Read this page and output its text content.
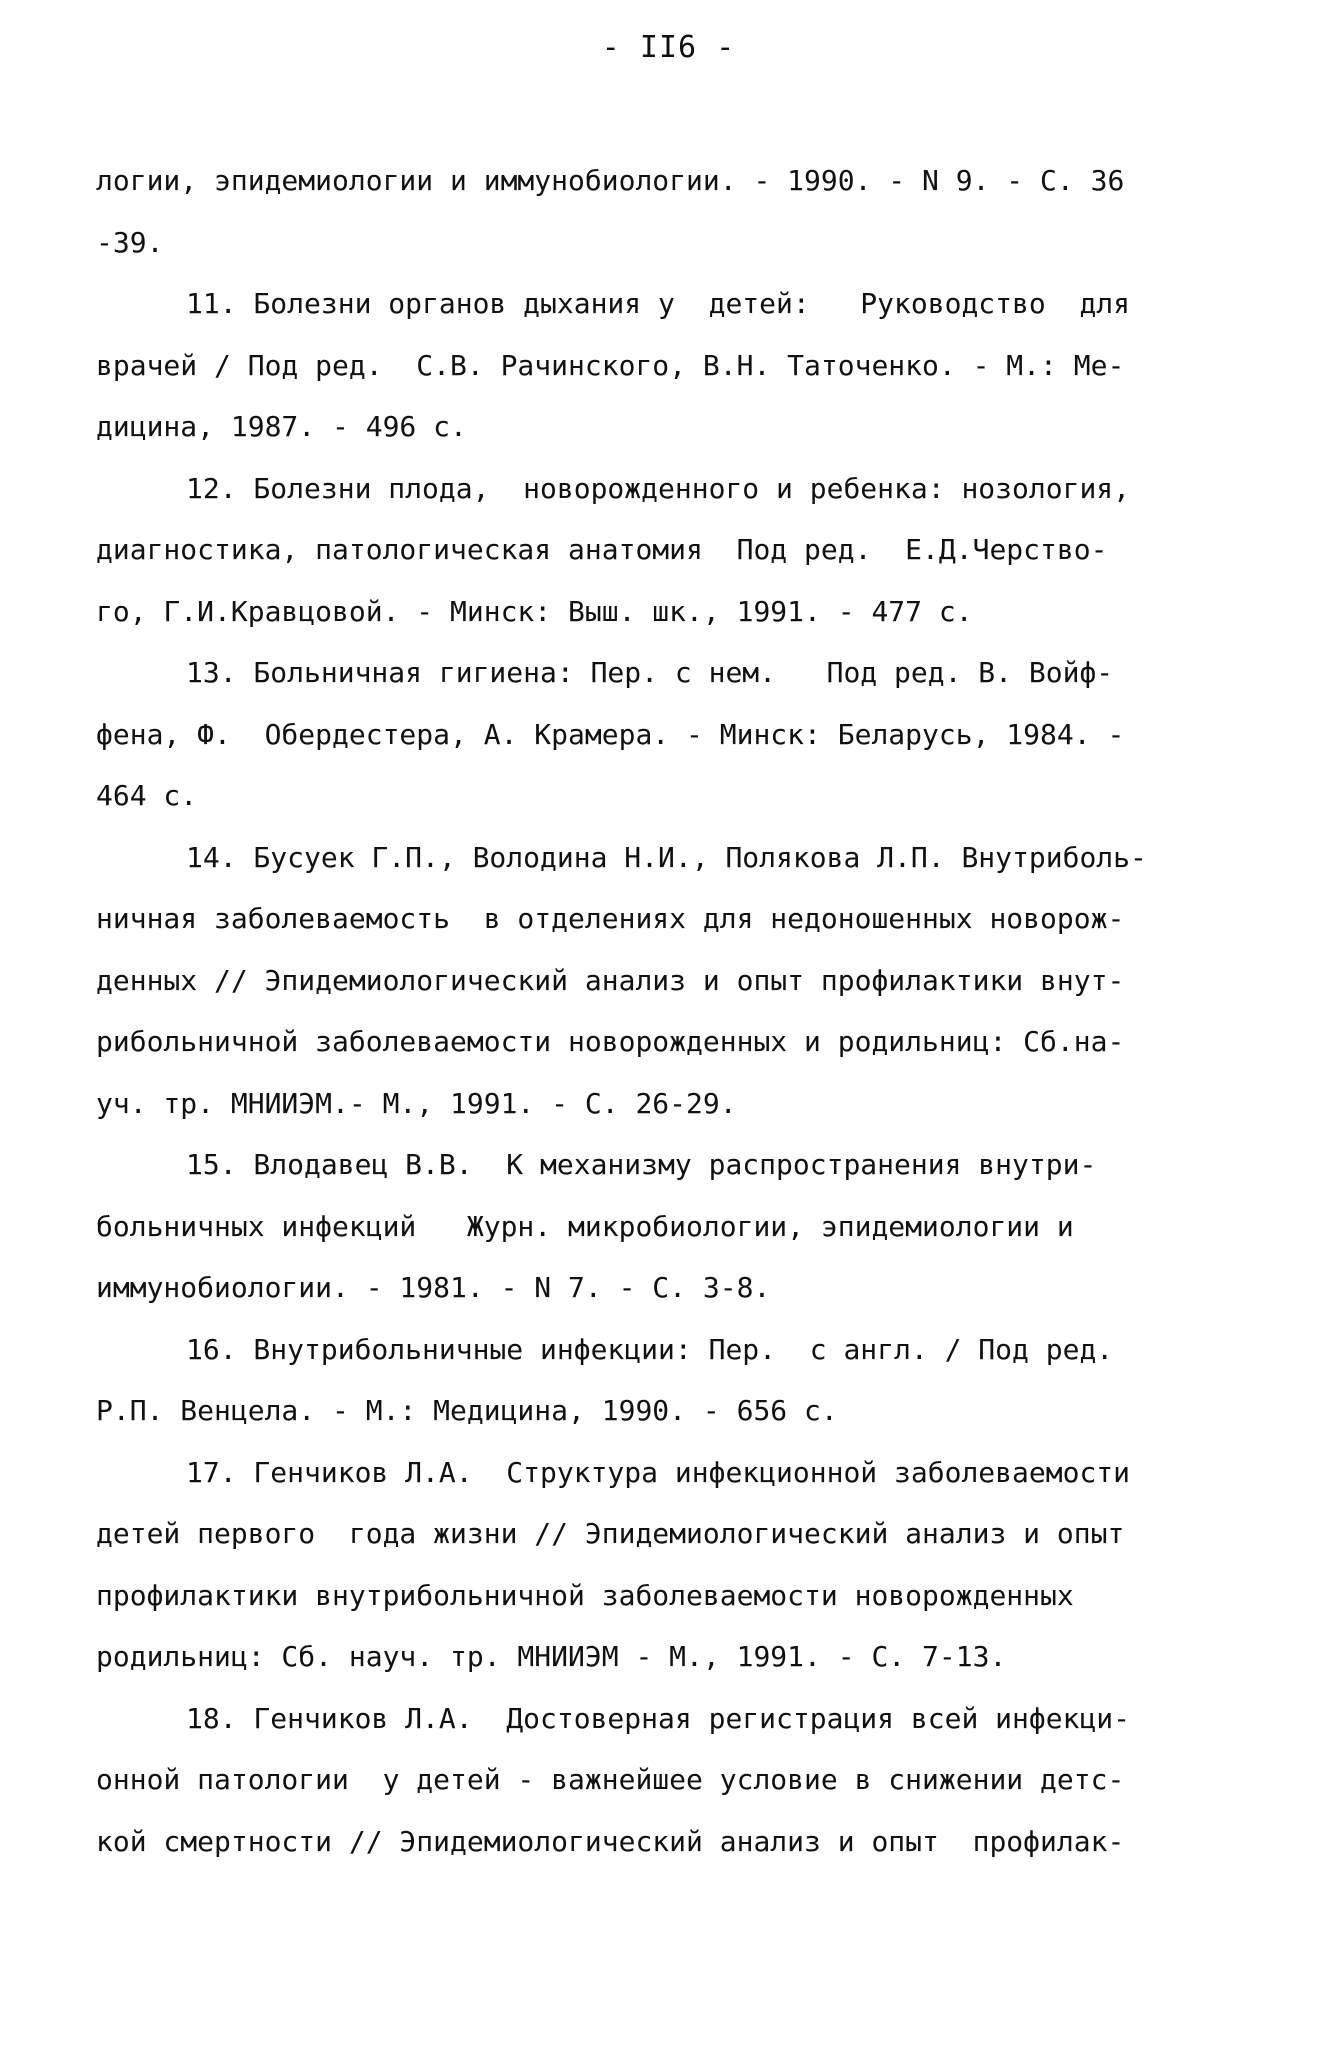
- II6 -
логии, эпидемиологии и иммунобиологии. - 1990. - N 9. - С. 36
-39.
11. Болезни органов дыхания у  детей:   Руководство  для
врачей / Под ред.  С.В. Рачинского, В.Н. Таточенко. - М.: Ме-
дицина, 1987. - 496 с.
12. Болезни плода,  новорожденного и ребенка: нозология,
диагностика, патологическая анатомия  Под ред.  Е.Д.Черство-
го, Г.И.Кравцовой. - Минск: Выш. шк., 1991. - 477 с.
13. Больничная гигиена: Пер. с нем.   Под ред. В. Войф-
фена, Ф.  Обердестера, А. Крамера. - Минск: Беларусь, 1984. -
464 с.
14. Бусуек Г.П., Володина Н.И., Полякова Л.П. Внутриболь-
ничная заболеваемость  в отделениях для недоношенных новорож-
денных // Эпидемиологический анализ и опыт профилактики внут-
рибольничной заболеваемости новорожденных и родильниц: Сб.на-
уч. тр. МНИИЭМ.- М., 1991. - С. 26-29.
15. Влодавец В.В.  К механизму распространения внутри-
больничных инфекций   Журн. микробиологии, эпидемиологии и
иммунобиологии. - 1981. - N 7. - С. 3-8.
16. Внутрибольничные инфекции: Пер.  с англ. / Под ред.
Р.П. Венцела. - М.: Медицина, 1990. - 656 с.
17. Генчиков Л.А.  Структура инфекционной заболеваемости
детей первого  года жизни // Эпидемиологический анализ и опыт
профилактики внутрибольничной заболеваемости новорожденных
родильниц: Сб. науч. тр. МНИИЭМ - М., 1991. - С. 7-13.
18. Генчиков Л.А.  Достоверная регистрация всей инфекци-
онной патологии  у детей - важнейшее условие в снижении детс-
кой смертности // Эпидемиологический анализ и опыт  профилак-
